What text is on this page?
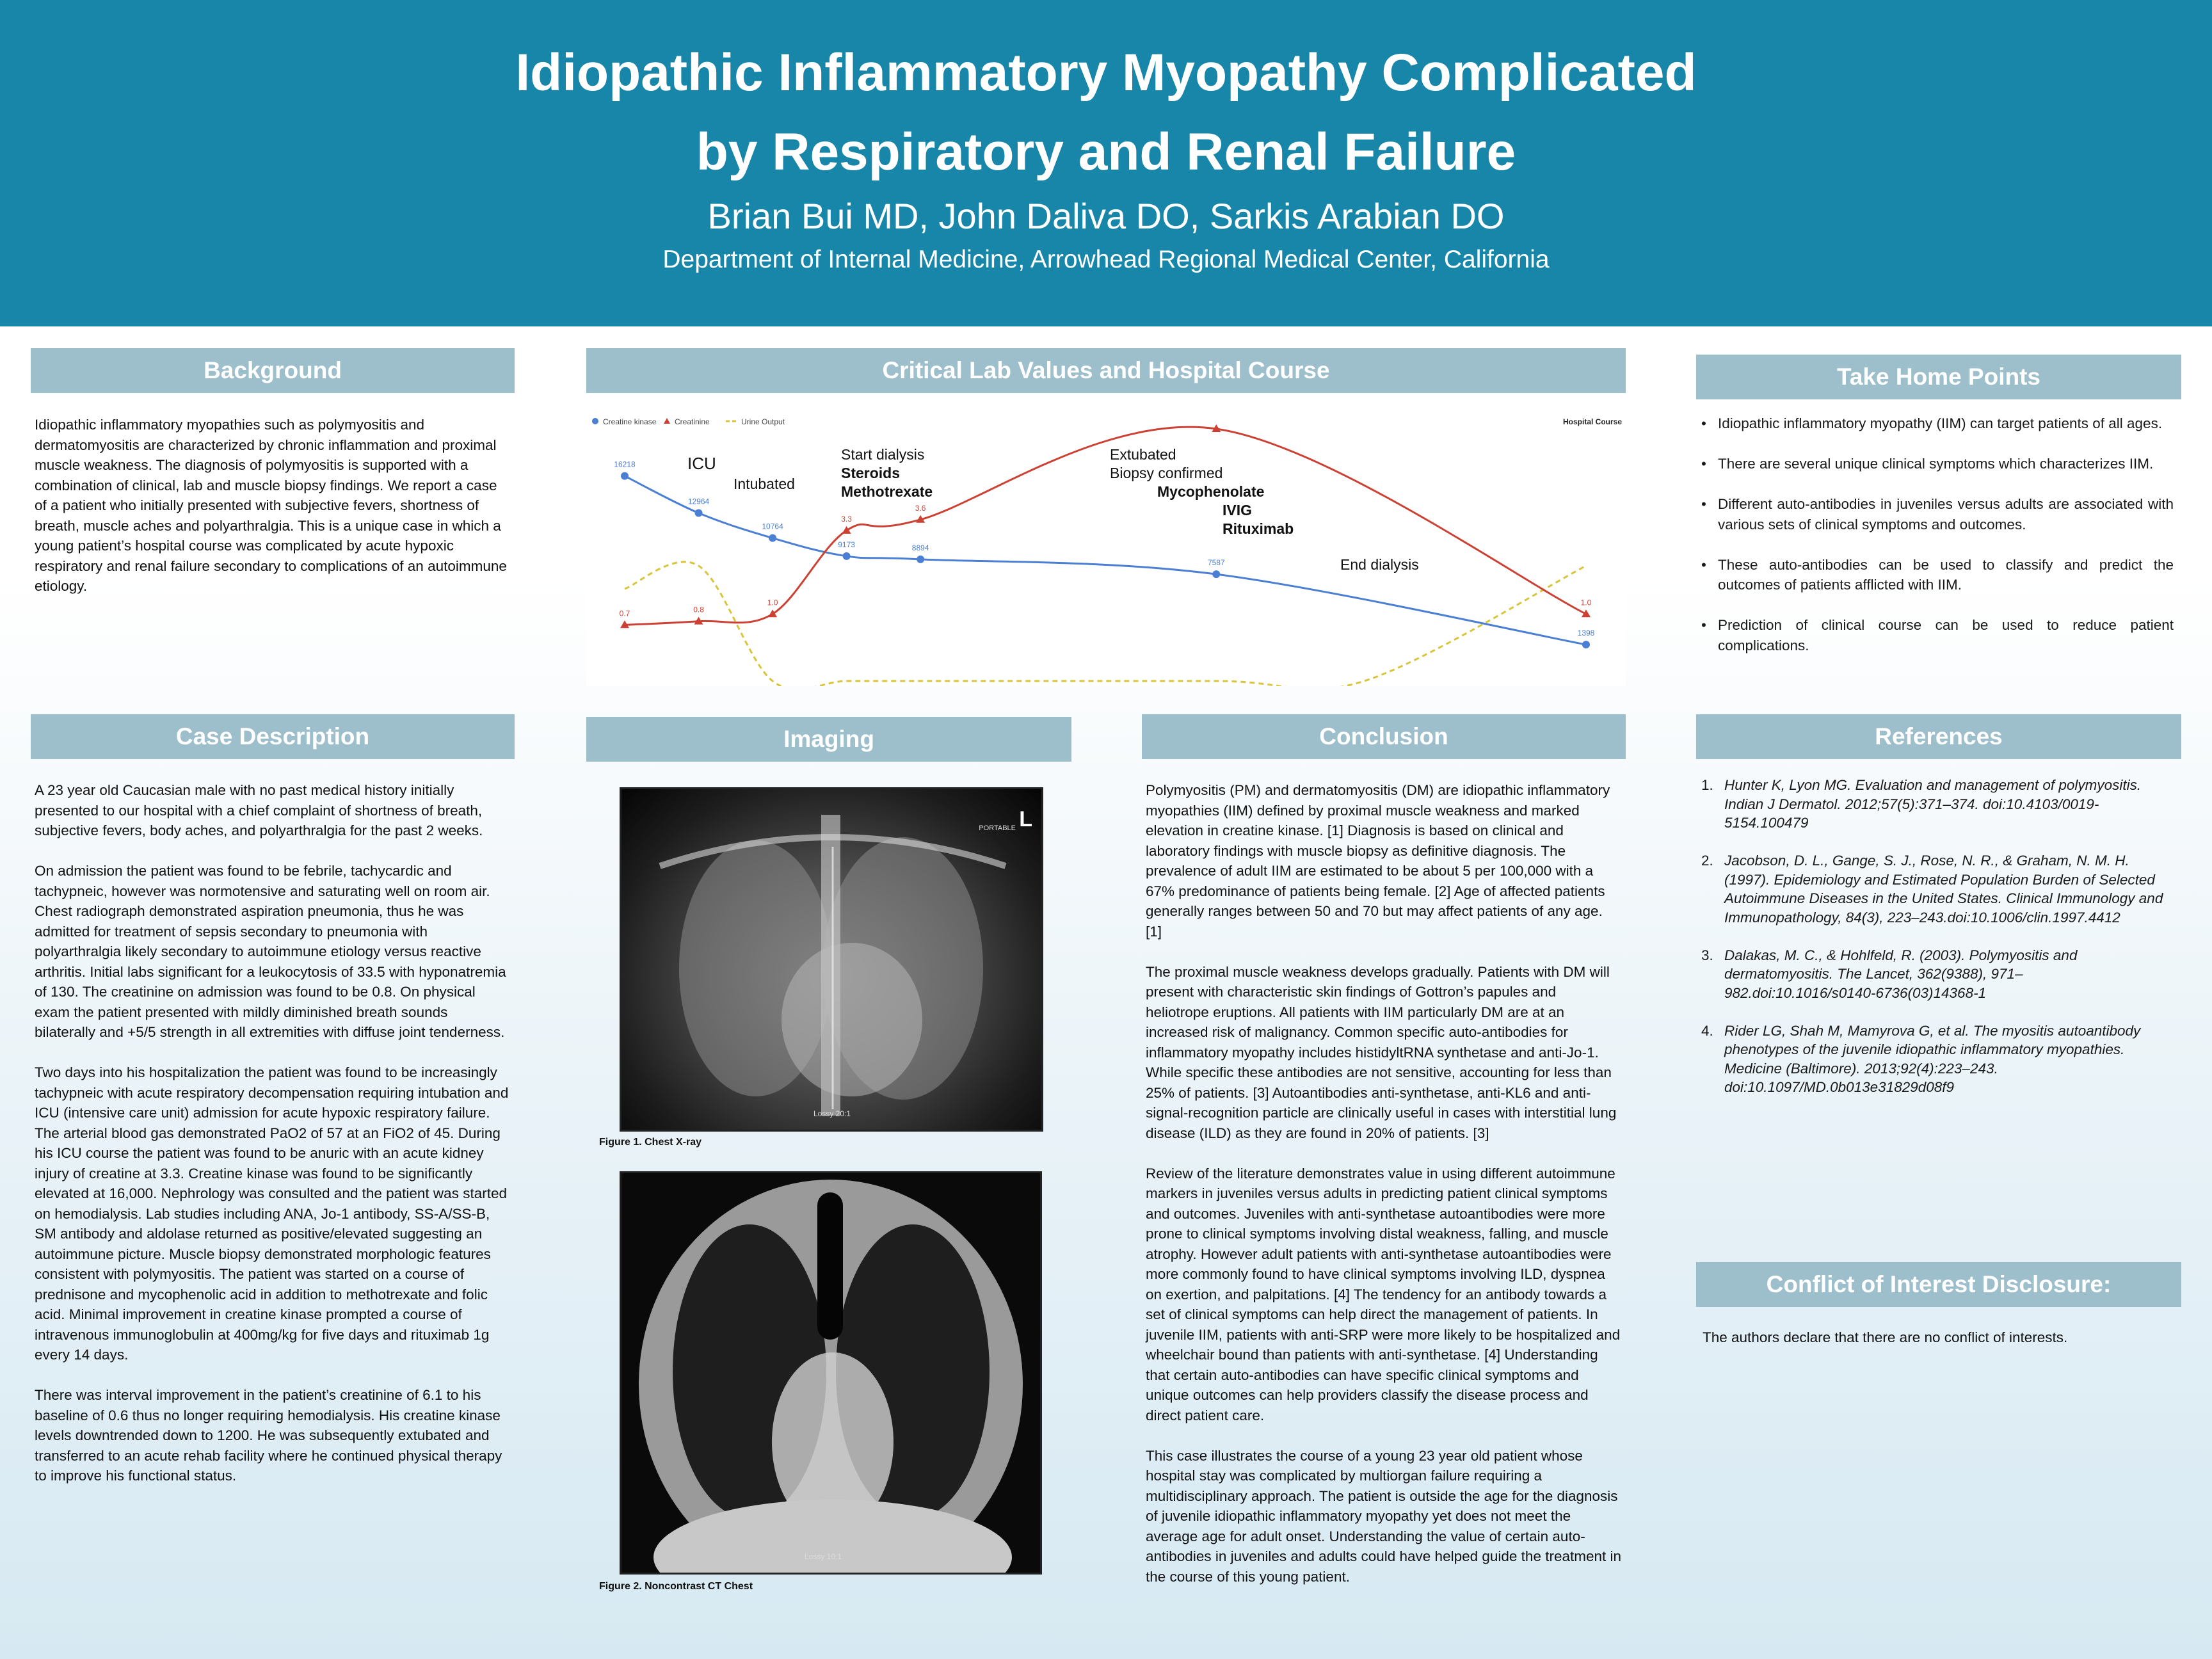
Idiopathic Inflammatory Myopathy Complicated
by Respiratory and Renal Failure
Brian Bui MD, John Daliva DO, Sarkis Arabian DO
Department of Internal Medicine, Arrowhead Regional Medical Center, California
Background
Idiopathic inflammatory myopathies such as polymyositis and dermatomyositis are characterized by chronic inflammation and proximal muscle weakness. The diagnosis of polymyositis is supported with a combination of clinical, lab and muscle biopsy findings. We report a case of a patient who initially presented with subjective fevers, shortness of breath, muscle aches and polyarthralgia. This is a unique case in which a young patient’s hospital course was complicated by acute hypoxic respiratory and renal failure secondary to complications of an autoimmune etiology.
Critical Lab Values and Hospital Course
Creatine kinase Creatinine	Urine Output	Hospital Course
16218
12964
10764
9173	8894
7587
1398
0.7	0.8
1.0
3.3
3.6
1.0
ICU
Intubated
Start dialysis
Steroids
Methotrexate
Extubated
Biopsy confirmed
Mycophenolate
IVIG
Rituximab
End dialysis
Take Home Points
• Idiopathic inflammatory myopathy (IIM) can target patients of all ages.
• There are several unique clinical symptoms which characterizes IIM.
• Different auto-antibodies in juveniles versus adults are associated with various sets of clinical symptoms and outcomes.
• These auto-antibodies can be used to classify and predict the outcomes of patients afflicted with IIM.
• Prediction of clinical course can be used to reduce patient complications.
Case Description

A 23 year old Caucasian male with no past medical history initially presented to our hospital with a chief complaint of shortness of breath, subjective fevers, body aches, and polyarthralgia for the past 2 weeks.

On admission the patient was found to be febrile, tachycardic and tachypneic, however was normotensive and saturating well on room air. Chest radiograph demonstrated aspiration pneumonia, thus he was admitted for treatment of sepsis secondary to pneumonia with polyarthralgia likely secondary to autoimmune etiology versus reactive arthritis. Initial labs significant for a leukocytosis of 33.5 with hyponatremia of 130. The creatinine on admission was found to be 0.8. On physical exam the patient presented with mildly diminished breath sounds bilaterally and +5/5 strength in all extremities with diffuse joint tenderness.

Two days into his hospitalization the patient was found to be increasingly tachypneic with acute respiratory decompensation requiring intubation and ICU (intensive care unit) admission for acute hypoxic respiratory failure. The arterial blood gas demonstrated PaO2 of 57 at an FiO2 of 45. During his ICU course the patient was found to be anuric with an acute kidney injury of creatine at 3.3. Creatine kinase was found to be significantly elevated at 16,000. Nephrology was consulted and the patient was started on hemodialysis. Lab studies including ANA, Jo-1 antibody, SS-A/SS-B, SM antibody and aldolase returned as positive/elevated suggesting an autoimmune picture. Muscle biopsy demonstrated morphologic features consistent with polymyositis. The patient was started on a course of prednisone and mycophenolic acid in addition to methotrexate and folic acid. Minimal improvement in creatine kinase prompted a course of intravenous immunoglobulin at 400mg/kg for five days and rituximab 1g every 14 days.

There was interval improvement in the patient’s creatinine of 6.1 to his baseline of 0.6 thus no longer requiring hemodialysis. His creatine kinase levels downtrended down to 1200. He was subsequently extubated and transferred to an acute rehab facility where he continued physical therapy to improve his functional status.

Imaging
L
PORTABLE
Lossy 20:1
Figure 1. Chest X-ray
Lossy 10:1
Figure 2. Noncontrast CT Chest
Conclusion

Polymyositis (PM) and dermatomyositis (DM) are idiopathic inflammatory myopathies (IIM) defined by proximal muscle weakness and marked elevation in creatine kinase. [1] Diagnosis is based on clinical and laboratory findings with muscle biopsy as definitive diagnosis. The prevalence of adult IIM are estimated to be about 5 per 100,000 with a 67% predominance of patients being female. [2] Age of affected patients generally ranges between 50 and 70 but may affect patients of any age. [1]

The proximal muscle weakness develops gradually. Patients with DM will present with characteristic skin findings of Gottron’s papules and heliotrope eruptions. All patients with IIM particularly DM are at an increased risk of malignancy. Common specific auto-antibodies for inflammatory myopathy includes histidyltRNA synthetase and anti-Jo-1. While specific these antibodies are not sensitive, accounting for less than 25% of patients. [3] Autoantibodies anti-synthetase, anti-KL6 and anti-signal-recognition particle are clinically useful in cases with interstitial lung disease (ILD) as they are found in 20% of patients. [3]

Review of the literature demonstrates value in using different autoimmune markers in juveniles versus adults in predicting patient clinical symptoms and outcomes. Juveniles with anti-synthetase autoantibodies were more prone to clinical symptoms involving distal weakness, falling, and muscle atrophy. However adult patients with anti-synthetase autoantibodies were more commonly found to have clinical symptoms involving ILD, dyspnea on exertion, and palpitations. [4] The tendency for an antibody towards a set of clinical symptoms can help direct the management of patients. In juvenile IIM, patients with anti-SRP were more likely to be hospitalized and wheelchair bound than patients with anti-synthetase. [4] Understanding that certain auto-antibodies can have specific clinical symptoms and unique outcomes can help providers classify the disease process and direct patient care.

This case illustrates the course of a young 23 year old patient whose hospital stay was complicated by multiorgan failure requiring a multidisciplinary approach. The patient is outside the age for the diagnosis of juvenile idiopathic inflammatory myopathy yet does not meet the average age for adult onset. Understanding the value of certain auto-antibodies in juveniles and adults could have helped guide the treatment in the course of this young patient.

References
1. Hunter K, Lyon MG. Evaluation and management of polymyositis. Indian J Dermatol. 2012;57(5):371–374. doi:10.4103/0019-5154.100479
2. Jacobson, D. L., Gange, S. J., Rose, N. R., & Graham, N. M. H. (1997). Epidemiology and Estimated Population Burden of Selected Autoimmune Diseases in the United States. Clinical Immunology and Immunopathology, 84(3), 223–243.doi:10.1006/clin.1997.4412
3. Dalakas, M. C., & Hohlfeld, R. (2003). Polymyositis and dermatomyositis. The Lancet, 362(9388), 971–982.doi:10.1016/s0140-6736(03)14368-1
4. Rider LG, Shah M, Mamyrova G, et al. The myositis autoantibody phenotypes of the juvenile idiopathic inflammatory myopathies. Medicine (Baltimore). 2013;92(4):223–243. doi:10.1097/MD.0b013e31829d08f9
Conflict of Interest Disclosure:
The authors declare that there are no conflict of interests.
